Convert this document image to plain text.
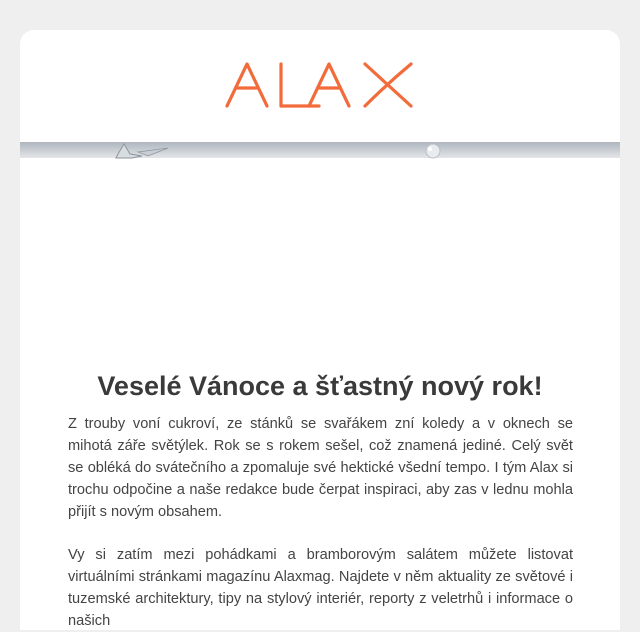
Veselé Vánoce a šťastný nový rok!

Z trouby voní cukroví, ze stánků se svařákem zní koledy a v oknech se mihotá záře světýlek. Rok se s rokem sešel, což znamená jediné. Celý svět se obléká do svátečního a zpomaluje své hektické všední tempo. I tým Alax si trochu odpočine a naše redakce bude čerpat inspiraci, aby zas v lednu mohla přijít s novým obsahem.

Vy si zatím mezi pohádkami a bramborovým salátem můžete listovat virtuálními stránkami magazínu Alaxmag. Najdete v něm aktuality ze světové i tuzemské architektury, tipy na stylový interiér, reporty z veletrhů i informace o našich
